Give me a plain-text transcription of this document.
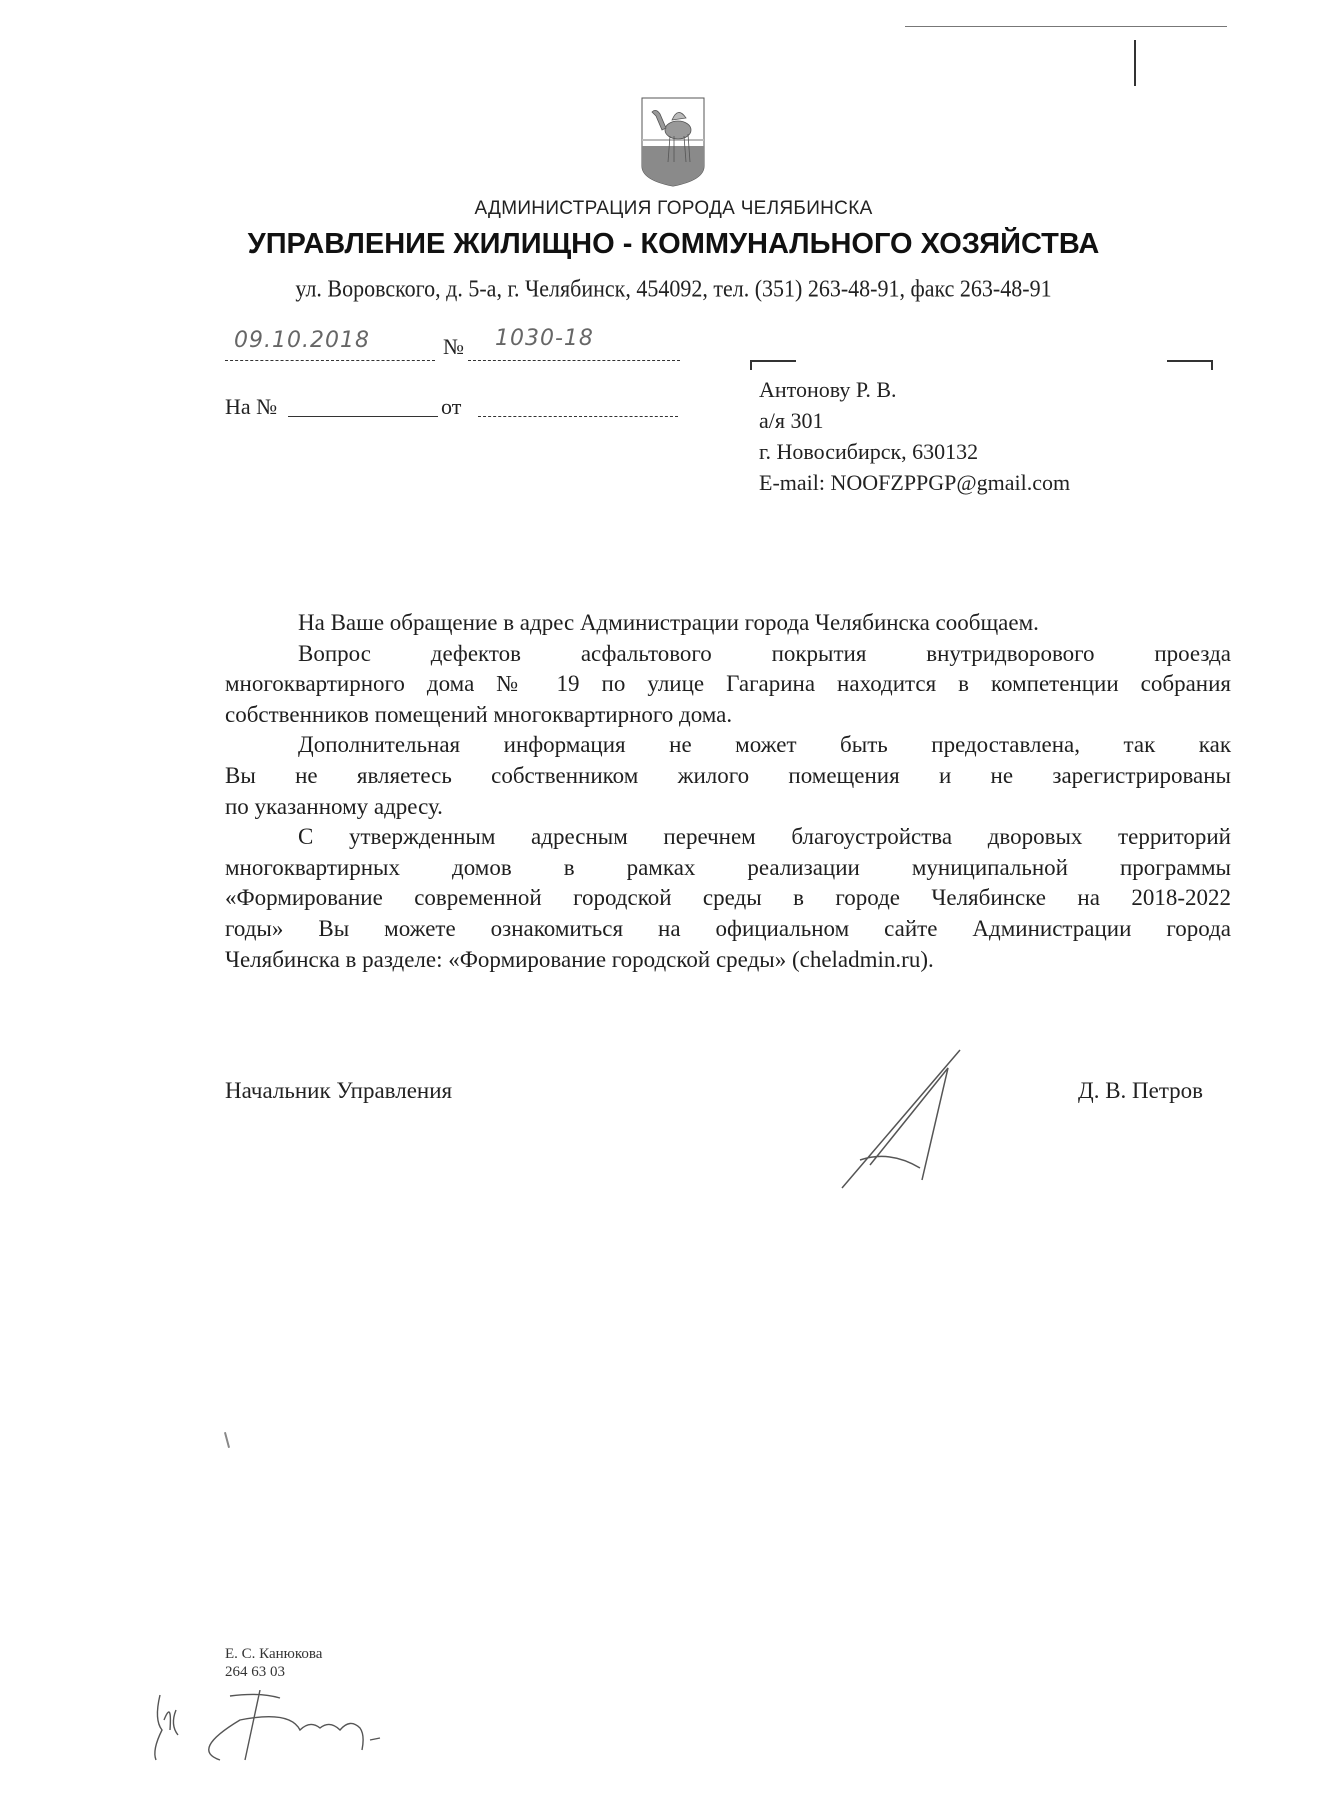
АДМИНИСТРАЦИЯ ГОРОДА ЧЕЛЯБИНСКА
УПРАВЛЕНИЕ ЖИЛИЩНО - КОММУНАЛЬНОГО ХОЗЯЙСТВА
ул. Воровского, д. 5-а, г. Челябинск, 454092, тел. (351) 263-48-91, факс 263-48-91
09.10.2018	№ 1030-18
На №	от
Антонову Р. В.
а/я 301
г. Новосибирск, 630132
E-mail: NOOFZPPGP@gmail.com
На Ваше обращение в адрес Администрации города Челябинска сообщаем.
Вопрос дефектов асфальтового покрытия внутридворового проезда
многоквартирного дома № 19 по улице Гагарина находится в компетенции собрания
собственников помещений многоквартирного дома.
Дополнительная информация не может быть предоставлена, так как
Вы не являетесь собственником жилого помещения и не зарегистрированы
по указанному адресу.
С утвержденным адресным перечнем благоустройства дворовых территорий
многоквартирных домов в рамках реализации муниципальной программы
«Формирование современной городской среды в городе Челябинске на 2018-2022
годы» Вы можете ознакомиться на официальном сайте Администрации города
Челябинска в разделе: «Формирование городской среды» (cheladmin.ru).
Начальник Управления	Д. В. Петров
Е. С. Канюкова
264 63 03
